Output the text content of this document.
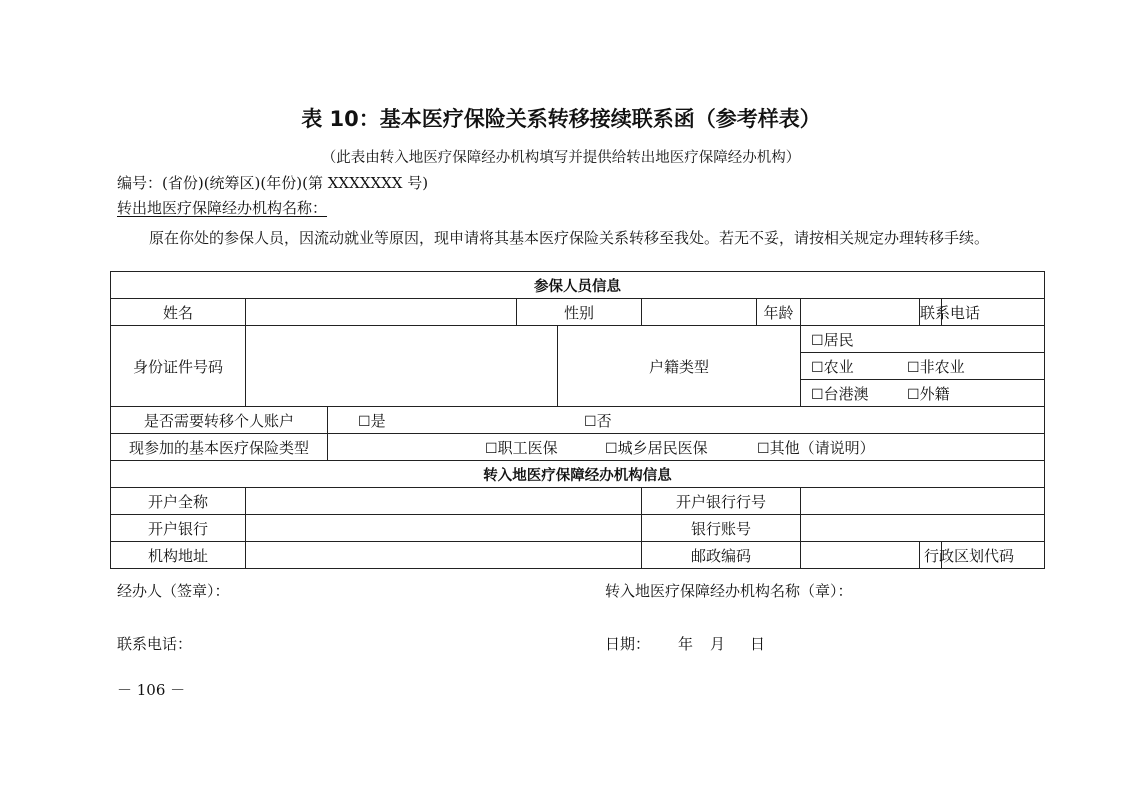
表 10：基本医疗保险关系转移接续联系函（参考样表）
（此表由转入地医疗保障经办机构填写并提供给转出地医疗保障经办机构）
编号：(省份)(统筹区)(年份)(第 XXXXXXX 号)
转出地医疗保障经办机构名称：
原在你处的参保人员，因流动就业等原因，现申请将其基本医疗保险关系转移至我处。若无不妥，请按相关规定办理转移手续。
参保人员信息									
姓名			性别			年龄		联系电话	
身份证件号码				户籍类型			☐居民		
							☐农业 ☐非农业		
							☐台港澳 ☐外籍		
是否需要转移个人账户		☐是 ☐否							
现参加的基本医疗保险类型		☐职工医保 ☐城乡居民医保 ☐其他（请说明）							
转入地医疗保障经办机构信息									
开户全称					开户银行行号				
开户银行					银行账号				
机构地址					邮政编码			行政区划代码	
经办人（签章）：	转入地医疗保障经办机构名称（章）：
联系电话：	日期： 年 月 日
－ 106 －
